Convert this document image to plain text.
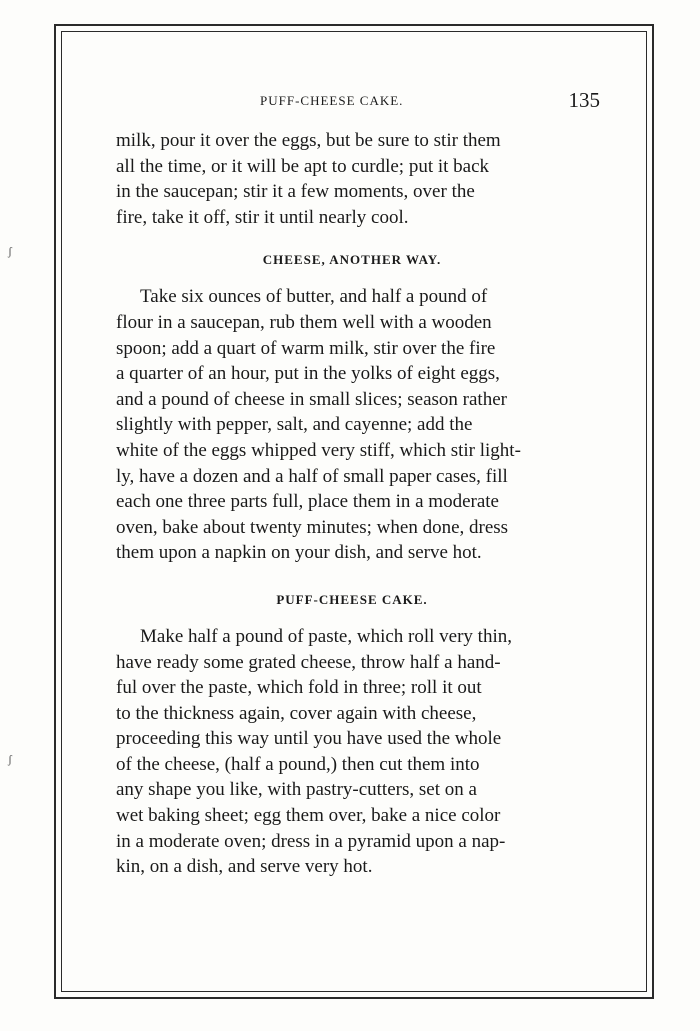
ʃ
ʃ
PUFF-CHEESE CAKE.	135

milk, pour it over the eggs, but be sure to stir them
all the time, or it will be apt to curdle; put it back
in the saucepan; stir it a few moments, over the
fire, take it off, stir it until nearly cool.

CHEESE, ANOTHER WAY.

Take six ounces of butter, and half a pound of
flour in a saucepan, rub them well with a wooden
spoon; add a quart of warm milk, stir over the fire
a quarter of an hour, put in the yolks of eight eggs,
and a pound of cheese in small slices; season rather
slightly with pepper, salt, and cayenne; add the
white of the eggs whipped very stiff, which stir light-
ly, have a dozen and a half of small paper cases, fill
each one three parts full, place them in a moderate
oven, bake about twenty minutes; when done, dress
them upon a napkin on your dish, and serve hot.

PUFF-CHEESE CAKE.

Make half a pound of paste, which roll very thin,
have ready some grated cheese, throw half a hand-
ful over the paste, which fold in three; roll it out
to the thickness again, cover again with cheese,
proceeding this way until you have used the whole
of the cheese, (half a pound,) then cut them into
any shape you like, with pastry-cutters, set on a
wet baking sheet; egg them over, bake a nice color
in a moderate oven; dress in a pyramid upon a nap-
kin, on a dish, and serve very hot.
